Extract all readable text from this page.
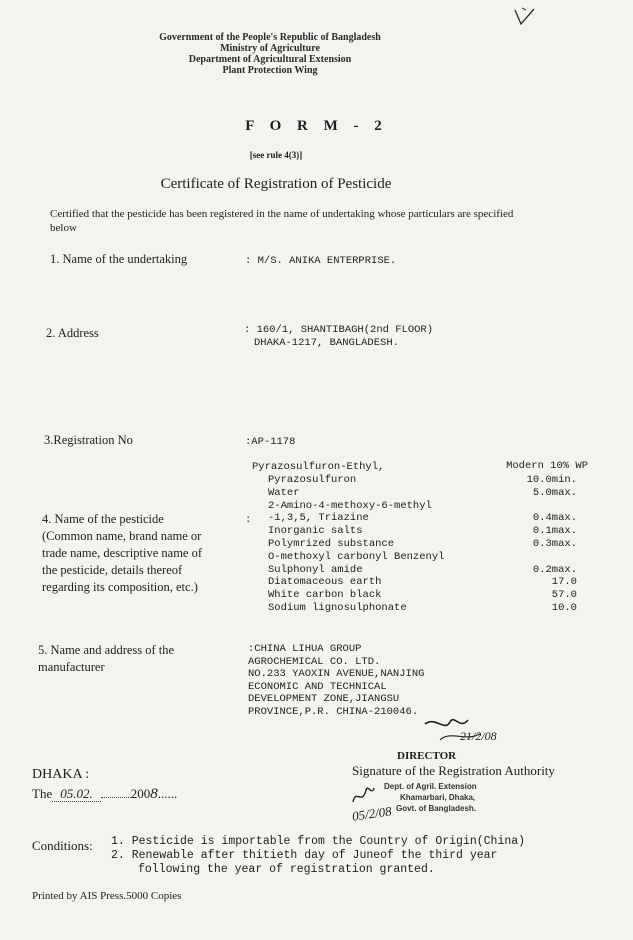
Government of the People's Republic of Bangladesh
Ministry of Agriculture
Department of Agricultural Extension
Plant Protection Wing
F O R M - 2
[see rule 4(3)]
Certificate of Registration of Pesticide
Certified that the pesticide has been registered in the name of undertaking whose particulars are specified below
1. Name of the undertaking	: M/S. ANIKA ENTERPRISE.
2. Address	: 160/1, SHANTIBAGH(2nd FLOOR)
DHAKA-1217, BANGLADESH.
3.Registration No	:AP-1178
4. Name of the pesticide
(Common name, brand name or
trade name, descriptive name of
the pesticide, details thereof
regarding its composition, etc.)
:
Pyrazosulfuron-Ethyl,	Modern 10% WP
Pyrazosulfuron	10.0min.
Water	5.0max.
2-Amino-4-methoxy-6-methyl
-1,3,5, Triazine	0.4max.
Inorganic salts	0.1max.
Polymrized substance	0.3max.
O-methoxyl carbonyl Benzenyl
Sulphonyl amide	0.2max.
Diatomaceous earth	17.0
White carbon black	57.0
Sodium lignosulphonate	10.0
5. Name and address of the
manufacturer
:CHINA LIHUA GROUP
AGROCHEMICAL CO. LTD.
NO.233 YAOXIN AVENUE,NANJING
ECONOMIC AND TECHNICAL
DEVELOPMENT ZONE,JIANGSU
PROVINCE,P.R. CHINA-210046.
21/2/08
DIRECTOR
Signature of the Registration Authority
Dept. of Agril. Extension
Khamarbari, Dhaka,
Govt. of Bangladesh.
05/2/08
DHAKA :
The 05.02.	2008......
Conditions: 1. Pesticide is importable from the Country of Origin(China)
2. Renewable after thitieth day of Juneof the third year
following the year of registration granted.
Printed by AIS Press.5000 Copies
